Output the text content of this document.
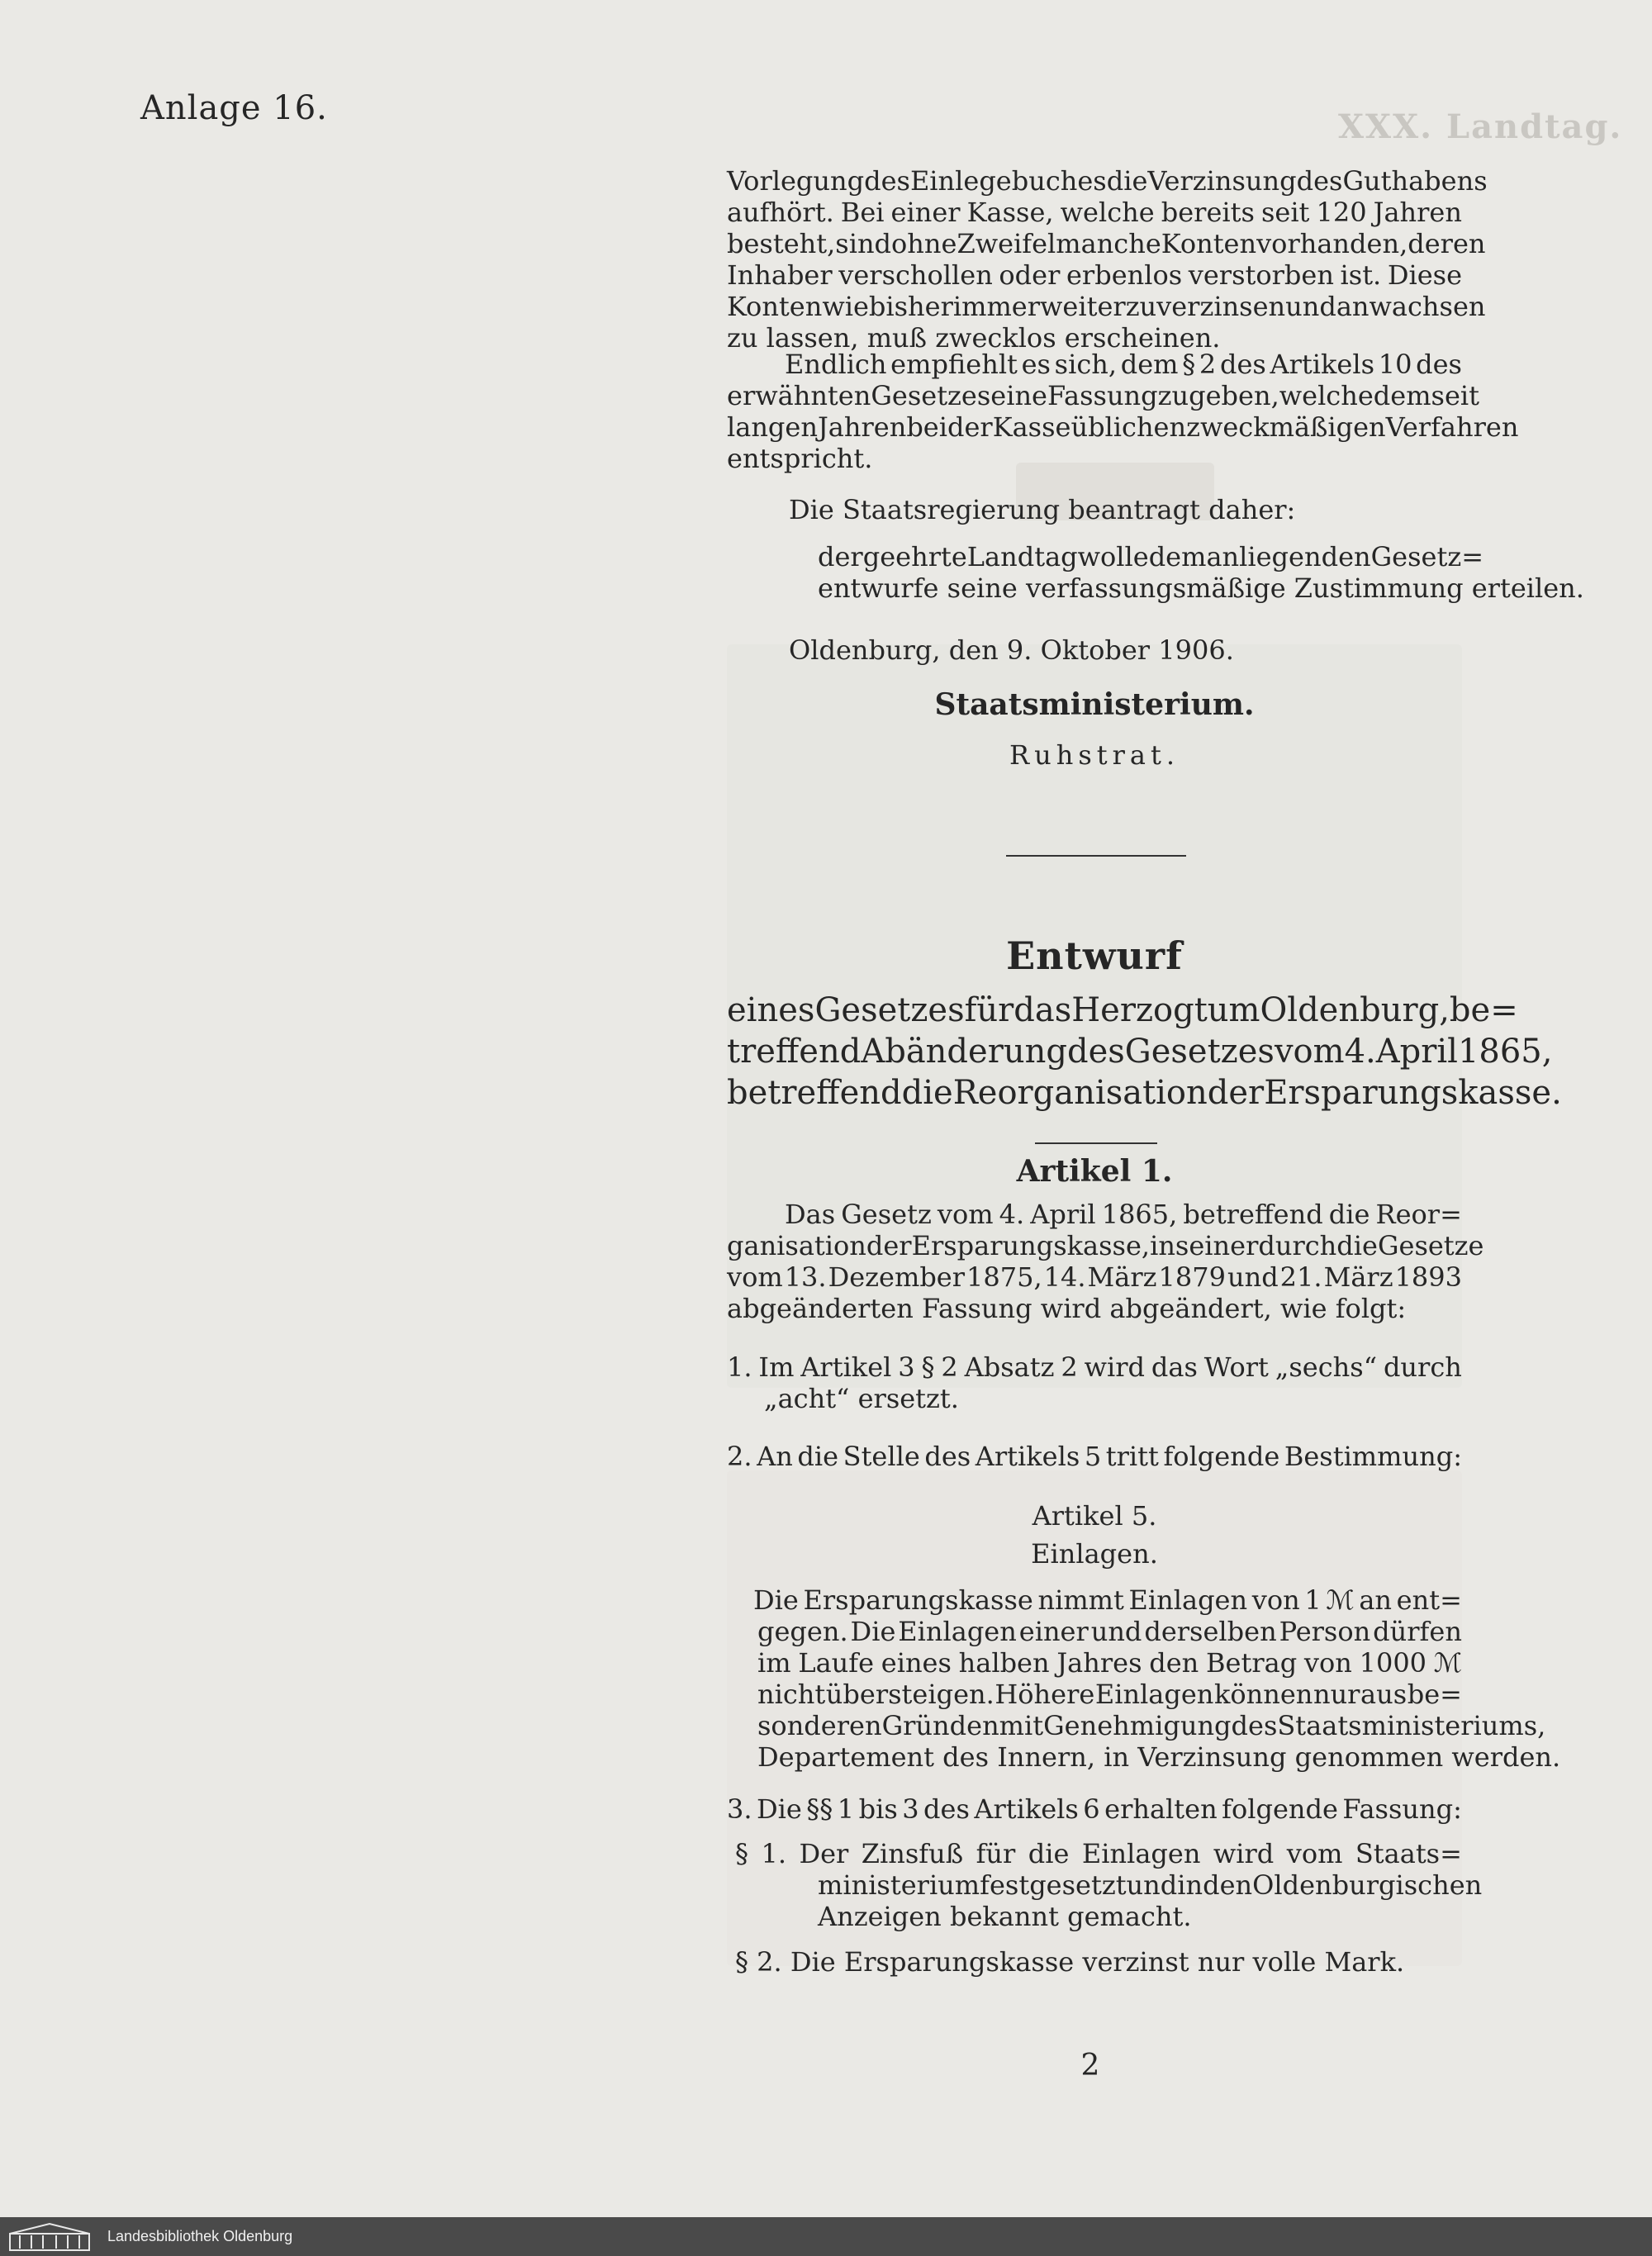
Anlage 16.	XXX. Landtag.
Vorlegung des Einlegebuches die Verzinsung des Guthabens
aufhört. Bei einer Kasse, welche bereits seit 120 Jahren
besteht, sind ohne Zweifel manche Konten vorhanden, deren
Inhaber verschollen oder erbenlos verstorben ist. Diese
Konten wie bisher immer weiter zu verzinsen und anwachsen
zu lassen, muß zwecklos erscheinen.
Endlich empfiehlt es sich, dem § 2 des Artikels 10 des
erwähnten Gesetzes eine Fassung zu geben, welche dem seit
langen Jahren bei der Kasse üblichen zweckmäßigen Verfahren
entspricht.
Die Staatsregierung beantragt daher:
der geehrte Landtag wolle dem anliegenden Gesetz=
entwurfe seine verfassungsmäßige Zustimmung erteilen.
Oldenburg, den 9. Oktober 1906.
Staatsministerium.
Ruhstrat.
Entwurf
eines Gesetzes für das Herzogtum Oldenburg, be=
treffend Abänderung des Gesetzes vom 4. April 1865,
betreffend die Reorganisation der Ersparungskasse.
Artikel 1.
Das Gesetz vom 4. April 1865, betreffend die Reor=
ganisation der Ersparungskasse, in seiner durch die Gesetze
vom 13. Dezember 1875, 14. März 1879 und 21. März 1893
abgeänderten Fassung wird abgeändert, wie folgt:
1. Im Artikel 3 § 2 Absatz 2 wird das Wort „sechs“ durch
„acht“ ersetzt.
2. An die Stelle des Artikels 5 tritt folgende Bestimmung:
Artikel 5.
Einlagen.
Die Ersparungskasse nimmt Einlagen von 1 ℳ an ent=
gegen. Die Einlagen einer und derselben Person dürfen
im Laufe eines halben Jahres den Betrag von 1000 ℳ
nicht übersteigen. Höhere Einlagen können nur aus be=
sonderen Gründen mit Genehmigung des Staatsministeriums,
Departement des Innern, in Verzinsung genommen werden.
3. Die §§ 1 bis 3 des Artikels 6 erhalten folgende Fassung:
§ 1. Der Zinsfuß für die Einlagen wird vom Staats=
ministerium festgesetzt und in den Oldenburgischen
Anzeigen bekannt gemacht.
§ 2. Die Ersparungskasse verzinst nur volle Mark.
2
Landesbibliothek Oldenburg
